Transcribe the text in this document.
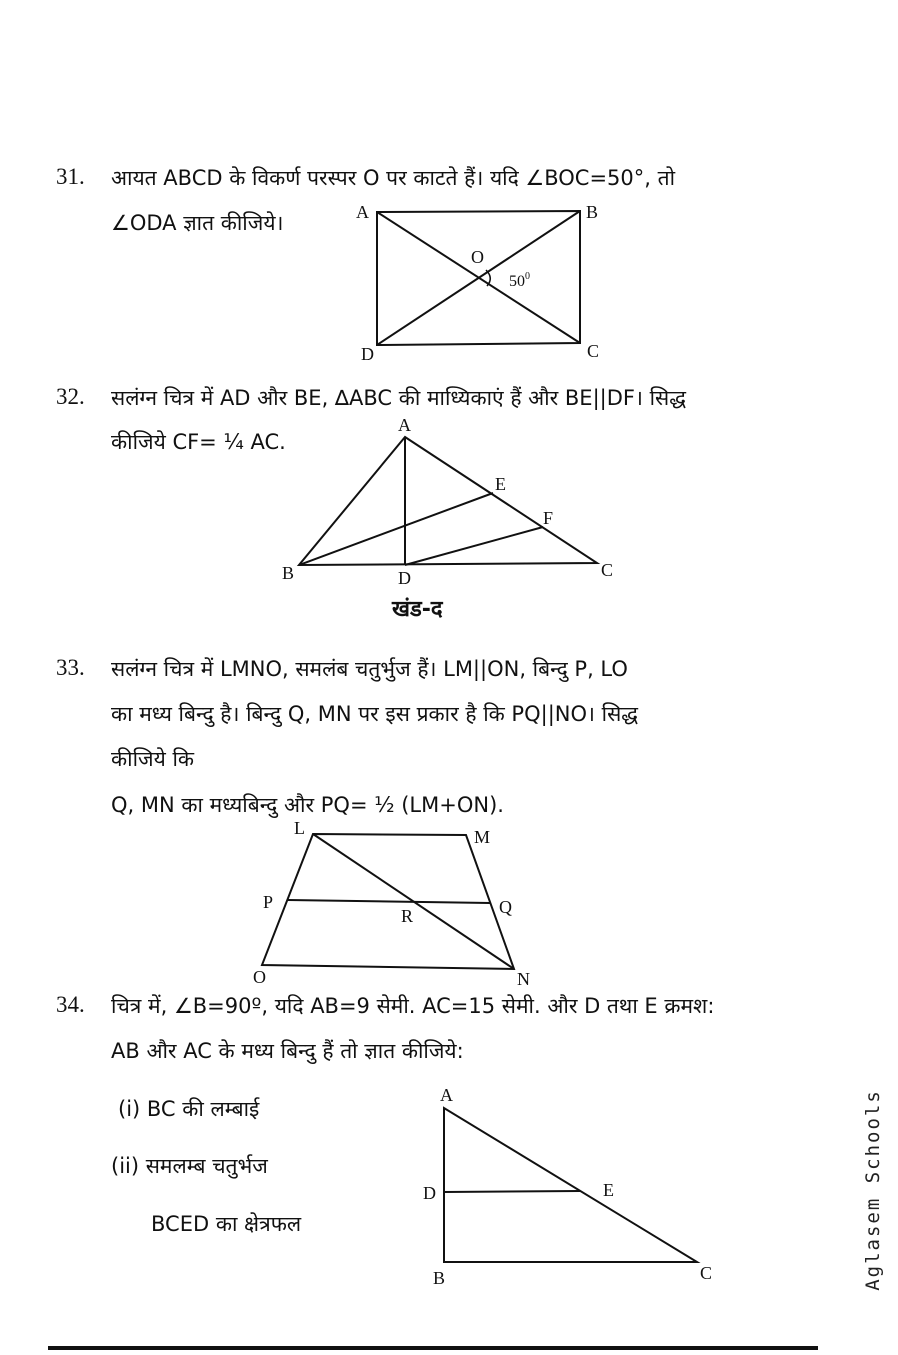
31. आयत ABCD के विकर्ण परस्पर O पर काटते हैं। यदि ∠BOC=50°, तो
∠ODA ज्ञात कीजिये।	A	B
C
D
O
$50^0$
32. सलंग्न चित्र में AD और BE, ∆ABC की माध्यिकाएं हैं और BE||DF। सिद्ध
कीजिये CF= ¼ AC.
A
B	C
D
E
F
खंड-द
33. सलंग्न चित्र में LMNO, समलंब चतुर्भुज हैं। LM||ON, बिन्दु P, LO
का मध्य बिन्दु है। बिन्दु Q, MN पर इस प्रकार है कि PQ||NO। सिद्ध
कीजिये कि
Q, MN का मध्यबिन्दु और PQ= ½ (LM+ON).
L	M
N
O
P	Q
R
34. चित्र में, ∠B=90º, यदि AB=9 सेमी. AC=15 सेमी. और D तथा E क्रमश:
AB और AC के मध्य बिन्दु हैं तो ज्ञात कीजिये:
(i) BC की लम्बाई
(ii) समलम्ब चतुर्भज
BCED का क्षेत्रफल
A
B	C
D	E	Aglasem Schools
